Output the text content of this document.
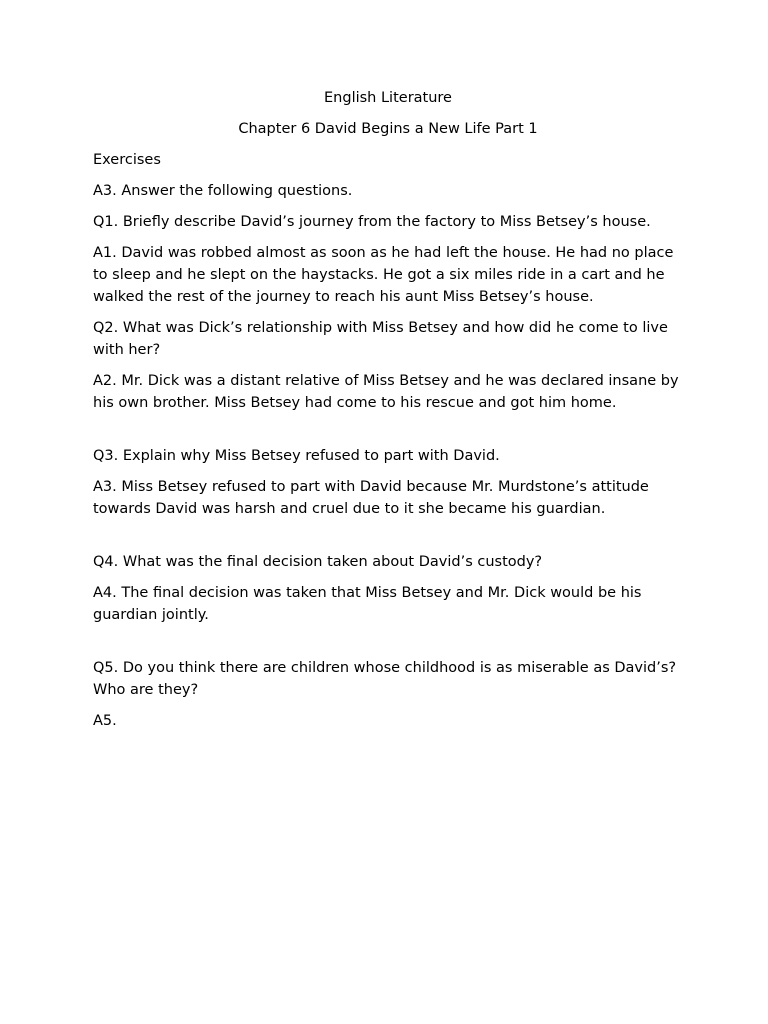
English Literature

Chapter 6 David Begins a New Life Part 1

Exercises

A3. Answer the following questions.

Q1. Briefly describe David’s journey from the factory to Miss Betsey’s house.

A1. David was robbed almost as soon as he had left the house. He had no place to sleep and he slept on the haystacks. He got a six miles ride in a cart and he walked the rest of the journey to reach his aunt Miss Betsey’s house.

Q2. What was Dick’s relationship with Miss Betsey and how did he come to live with her?

A2. Mr. Dick was a distant relative of Miss Betsey and he was declared insane by his own brother. Miss Betsey had come to his rescue and got him home.

Q3. Explain why Miss Betsey refused to part with David.

A3. Miss Betsey refused to part with David because Mr. Murdstone’s attitude towards David was harsh and cruel due to it she became his guardian.

Q4. What was the final decision taken about David’s custody?

A4. The final decision was taken that Miss Betsey and Mr. Dick would be his guardian jointly.

Q5. Do you think there are children whose childhood is as miserable as David’s? Who are they?

A5.
